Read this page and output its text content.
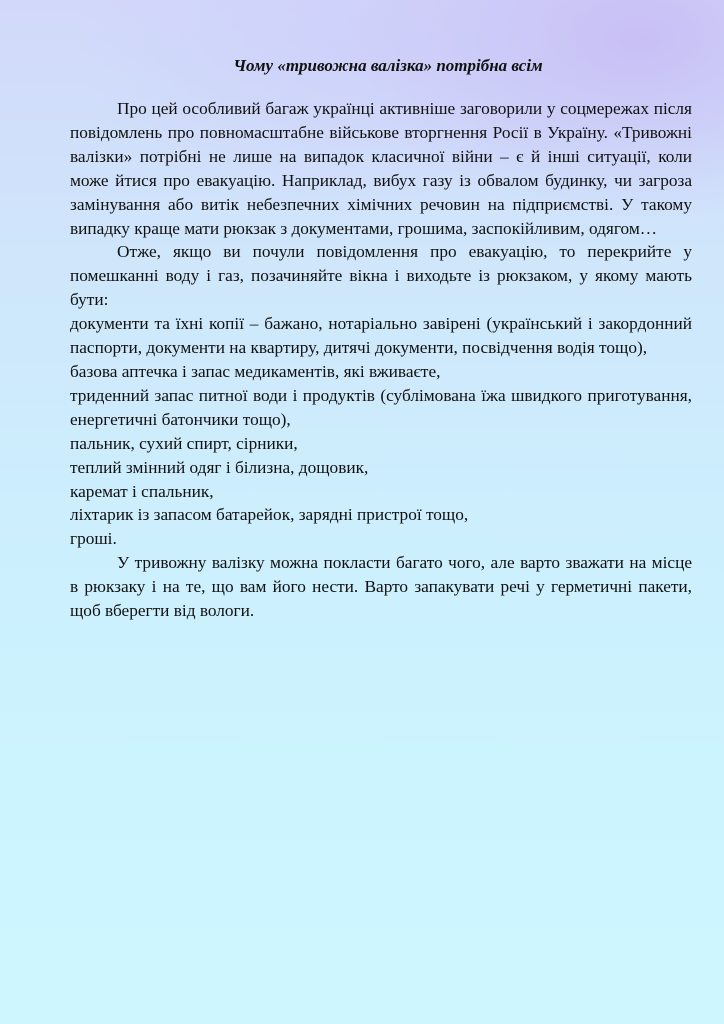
Чому «тривожна валізка» потрібна всім

Про цей особливий багаж українці активніше заговорили у соцмережах після повідомлень про повномасштабне військове вторгнення Росії в Україну. «Тривожні валізки» потрібні не лише на випадок класичної війни – є й інші ситуації, коли може йтися про евакуацію. Наприклад, вибух газу із обвалом будинку, чи загроза замінування або витік небезпечних хімічних речовин на підприємстві. У такому випадку краще мати рюкзак з документами, грошима, заспокійливим, одягом…

Отже, якщо ви почули повідомлення про евакуацію, то перекрийте у помешканні воду і газ, позачиняйте вікна і виходьте із рюкзаком, у якому мають бути:

документи та їхні копії – бажано, нотаріально завірені (український і закордонний паспорти, документи на квартиру, дитячі документи, посвідчення водія тощо),

базова аптечка і запас медикаментів, які вживаєте,

триденний запас питної води і продуктів (сублімована їжа швидкого приготування, енергетичні батончики тощо),

пальник, сухий спирт, сірники,

теплий змінний одяг і білизна, дощовик,

каремат і спальник,

ліхтарик із запасом батарейок, зарядні пристрої тощо,

гроші.

У тривожну валізку можна покласти багато чого, але варто зважати на місце в рюкзаку і на те, що вам його нести. Варто запакувати речі у герметичні пакети, щоб вберегти від вологи.
